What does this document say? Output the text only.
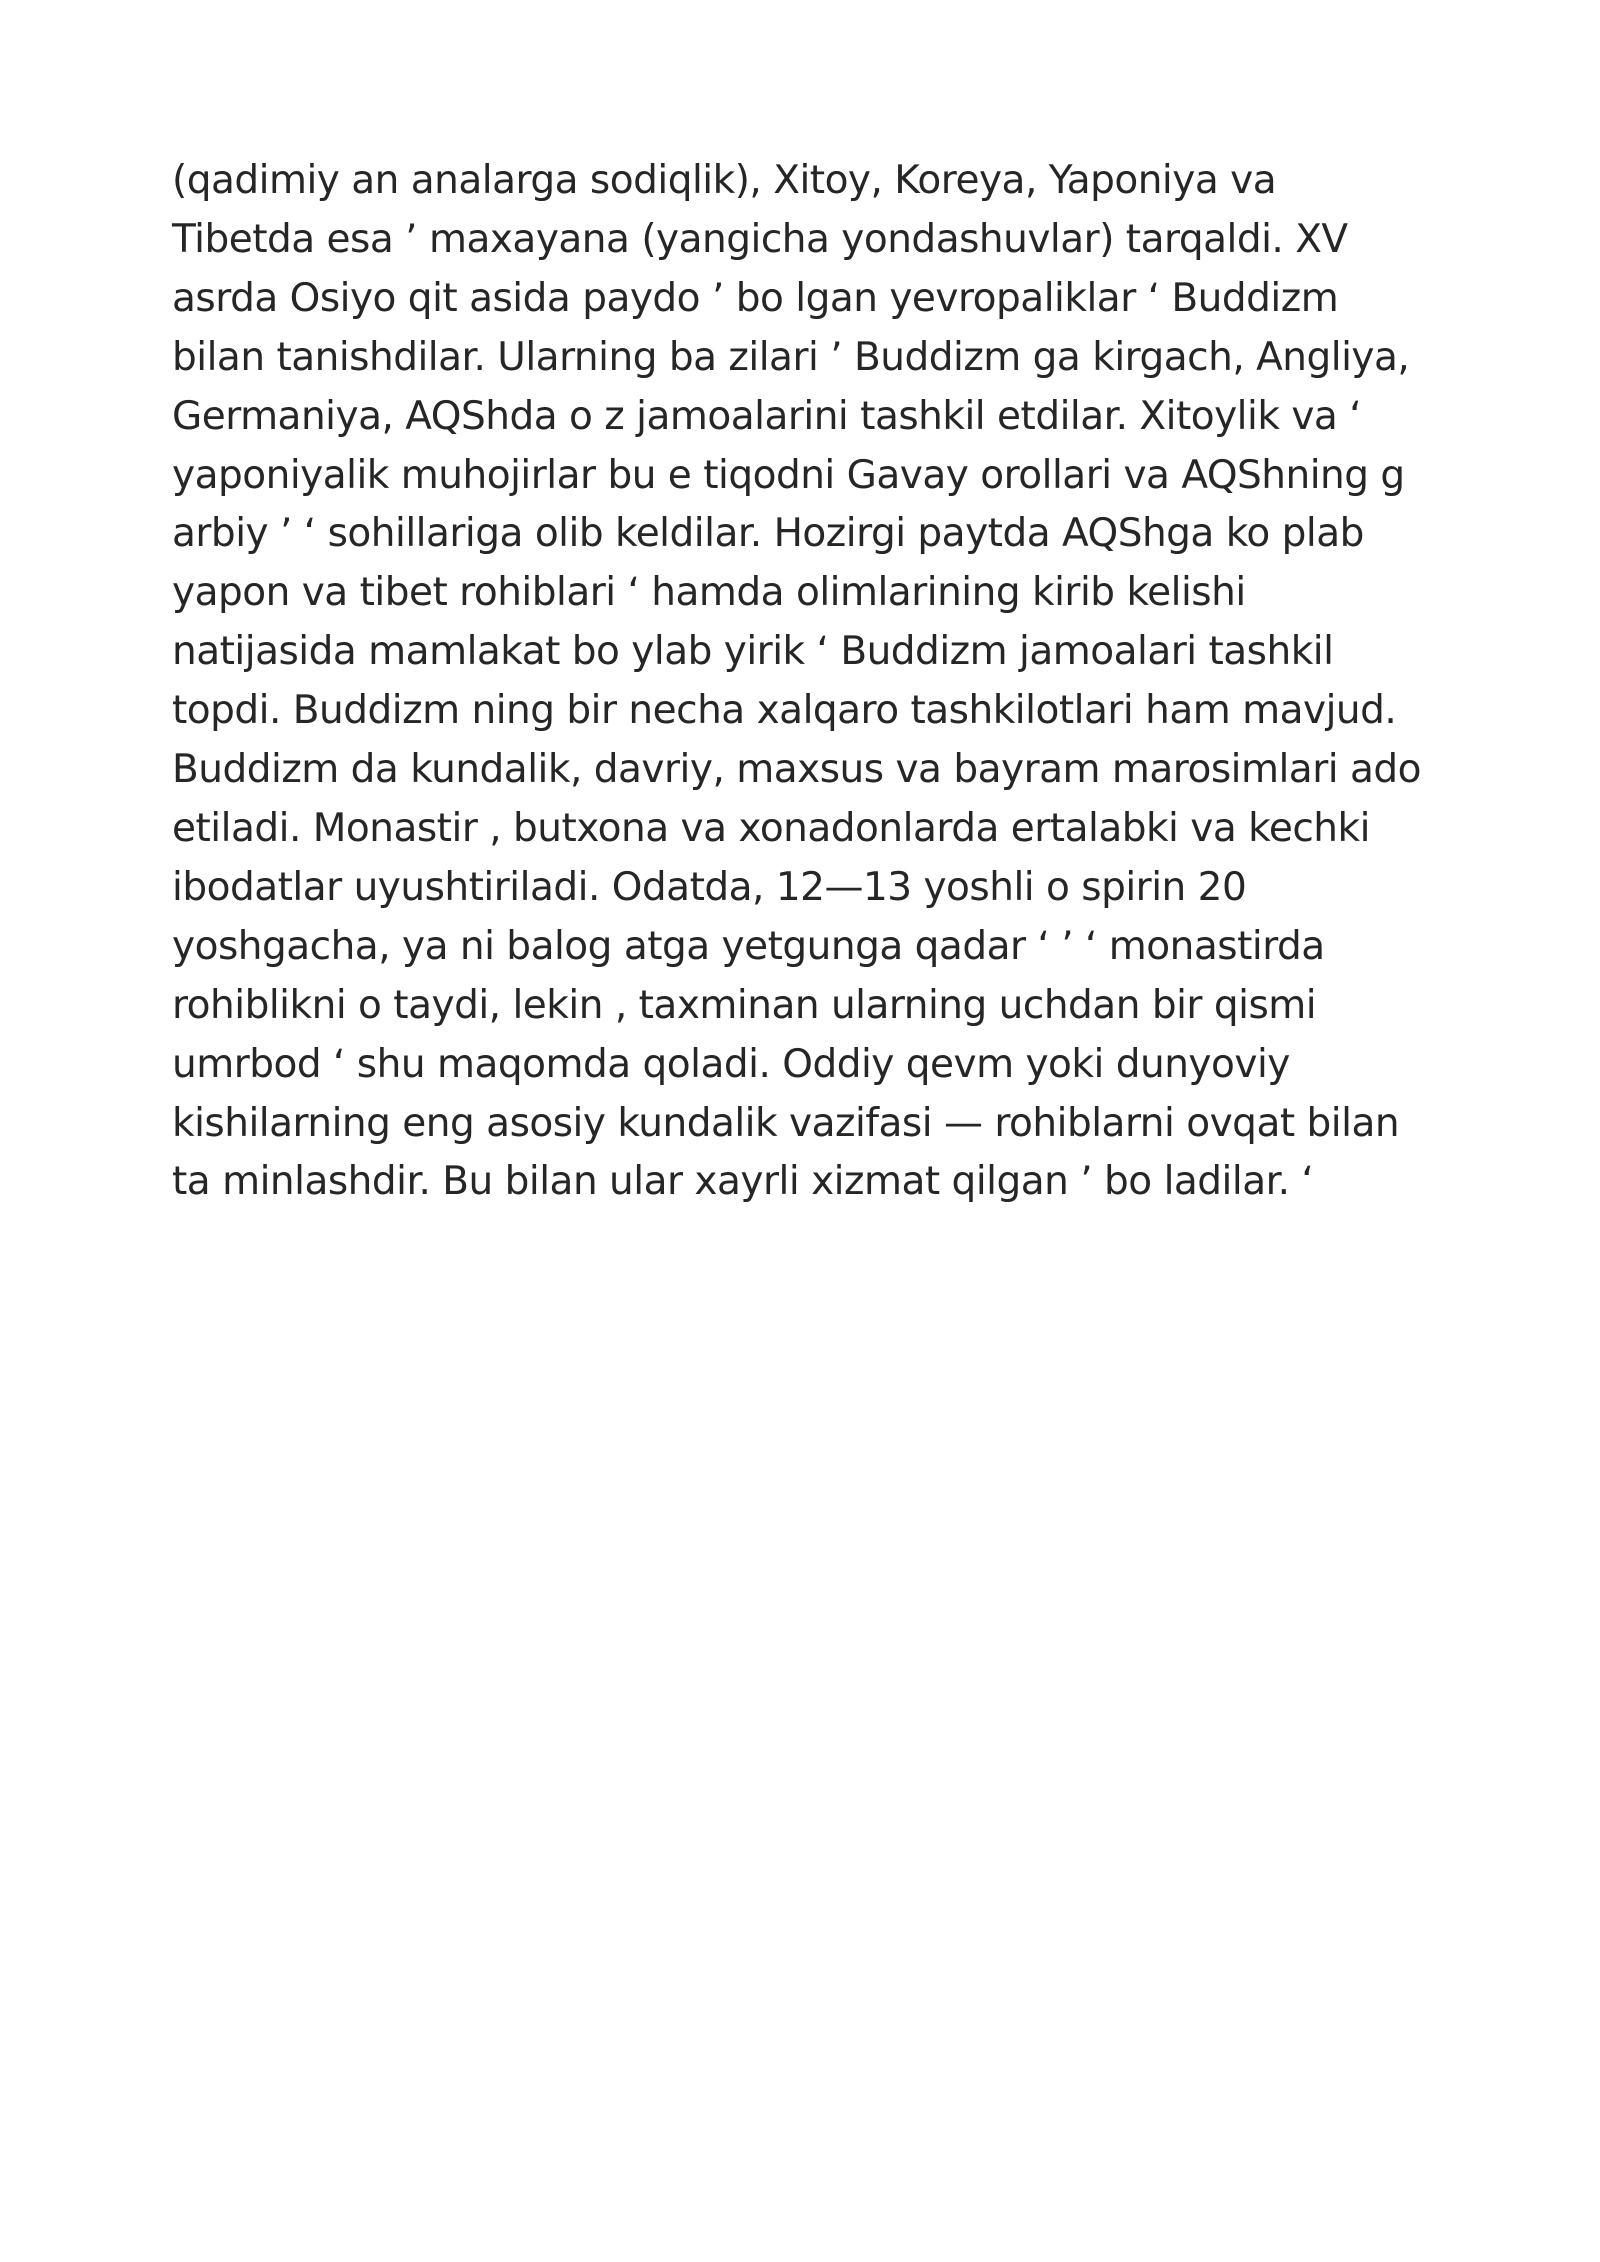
(qadimiy an analarga sodiqlik), Xitoy, Koreya, Yaponiya va
Tibetda esa ’ maxayana (yangicha yondashuvlar) tarqaldi. XV
asrda Osiyo qit asida paydo ’ bo lgan yevropaliklar ‘ Buddizm
bilan tanishdilar. Ularning ba zilari ’ Buddizm ga kirgach, Angliya,
Germaniya, AQShda o z jamoalarini tashkil etdilar. Xitoylik va ‘
yaponiyalik muhojirlar bu e tiqodni Gavay orollari va AQShning g
arbiy ’ ‘ sohillariga olib keldilar. Hozirgi paytda AQShga ko plab
yapon va tibet rohiblari ‘ hamda olimlarining kirib kelishi
natijasida mamlakat bo ylab yirik ‘ Buddizm jamoalari tashkil
topdi. Buddizm ning bir necha xalqaro tashkilotlari ham mavjud.
Buddizm da kundalik, davriy, maxsus va bayram marosimlari ado
etiladi. Monastir , butxona va xonadonlarda ertalabki va kechki
ibodatlar uyushtiriladi. Odatda, 12—13 yoshli o spirin 20
yoshgacha, ya ni balog atga yetgunga qadar ‘ ’ ‘ monastirda
rohiblikni o taydi, lekin , taxminan ularning uchdan bir qismi
umrbod ‘ shu maqomda qoladi. Oddiy qevm yoki dunyoviy
kishilarning eng asosiy kundalik vazifasi — rohiblarni ovqat bilan
ta minlashdir. Bu bilan ular xayrli xizmat qilgan ’ bo ladilar. ‘
